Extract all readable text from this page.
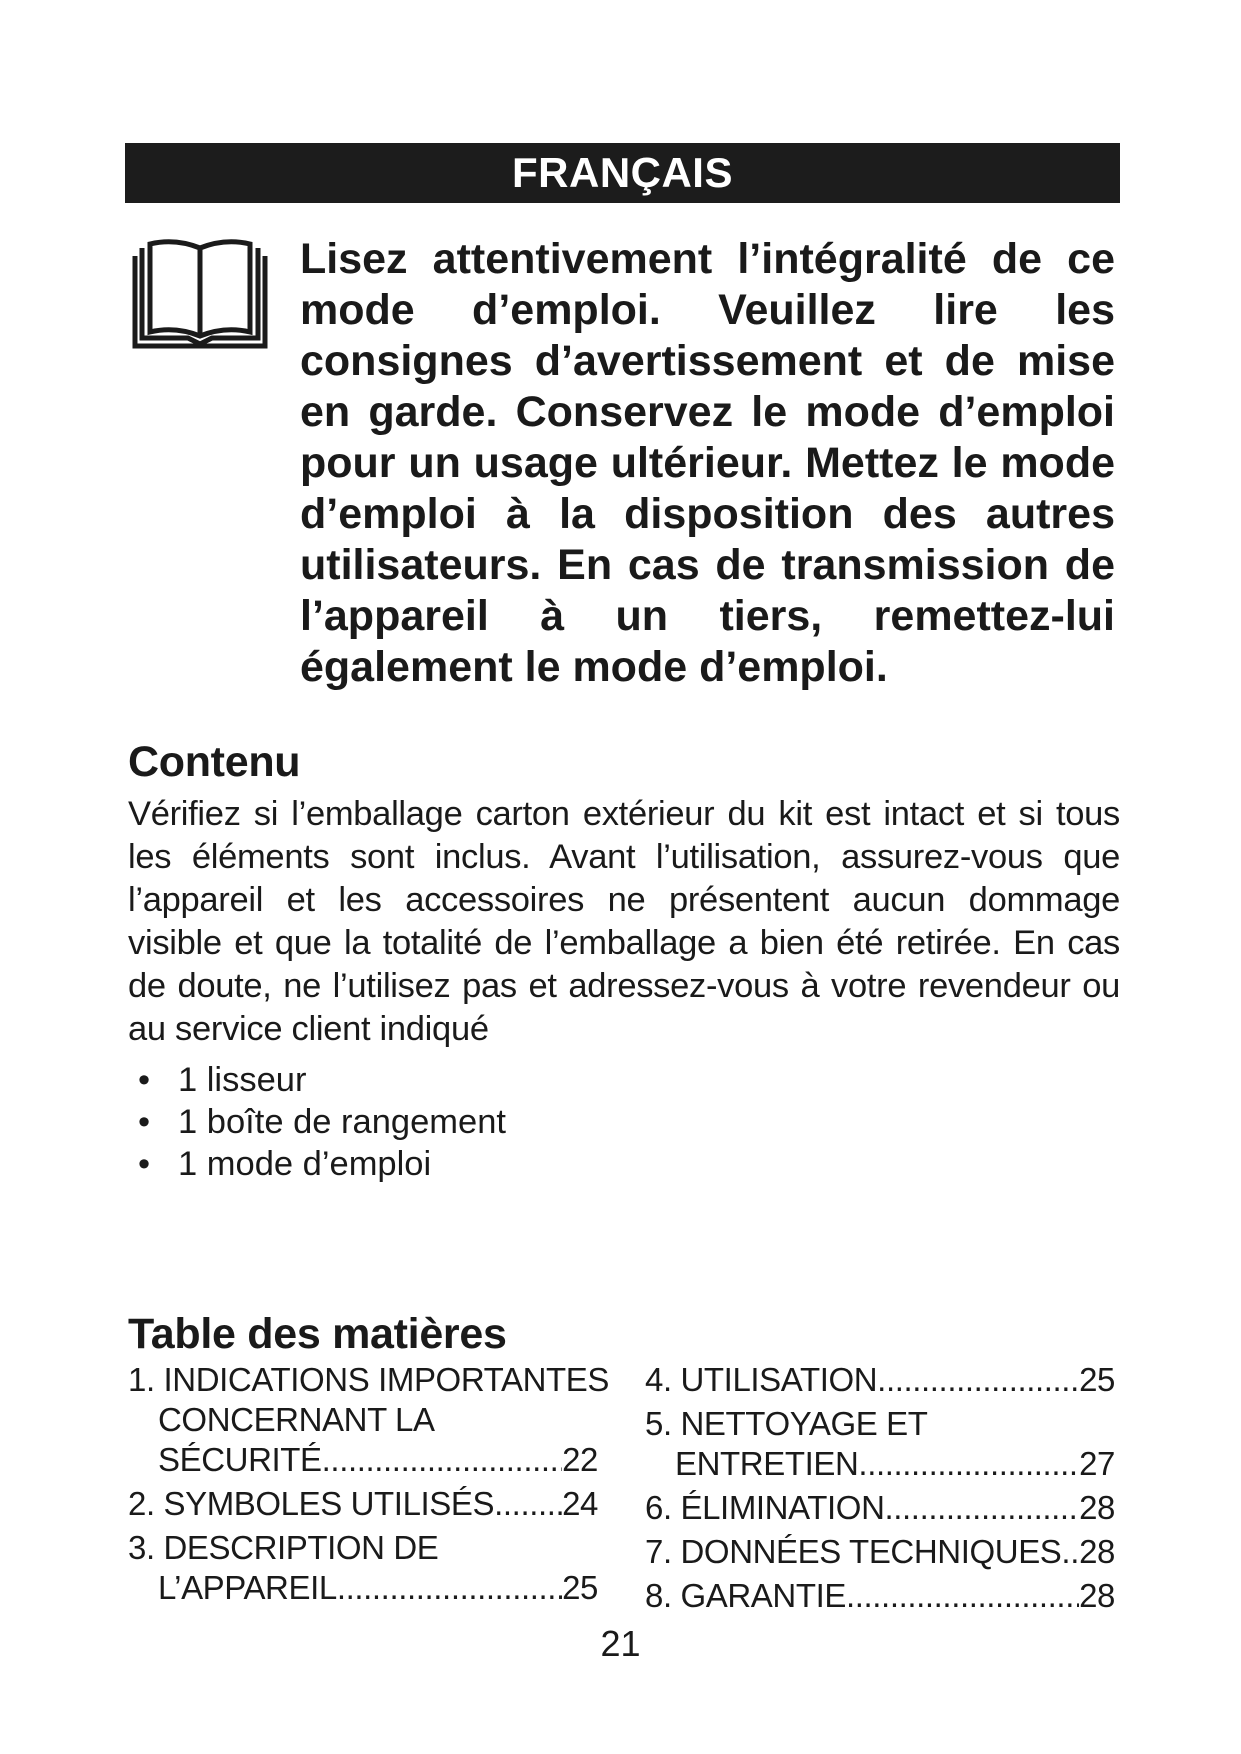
FRANÇAIS

Lisez attentivement l’intégralité de ce mode d’emploi. Veuillez lire les consignes d’avertissement et de mise en garde. Conservez le mode d’emploi pour un usage ultérieur. Mettez le mode d’emploi à la disposition des autres utilisateurs. En cas de transmission de l’appareil à un tiers, remettez-lui également le mode d’emploi.

Contenu

Vérifiez si l’emballage carton extérieur du kit est intact et si tous les éléments sont inclus. Avant l’utilisation, assurez-vous que l’appareil et les accessoires ne présentent aucun dommage visible et que la totalité de l’emballage a bien été retirée. En cas de doute, ne l’utilisez pas et adressez-vous à votre revendeur ou au service client indiqué

• 1 lisseur
• 1 boîte de rangement
• 1 mode d’emploi
Table des matières
1. INDICATIONS IMPORTANTES
CONCERNANT LA
SÉCURITÉ .....	22
2. SYMBOLES UTILISÉS ..... 24
3. DESCRIPTION DE
L’APPAREIL .....	25
4. UTILISATION .....	25
5. NETTOYAGE ET
ENTRETIEN .....	27
6. ÉLIMINATION .....	28
7. DONNÉES TECHNIQUES ..... 28
8. GARANTIE .....	28
21
